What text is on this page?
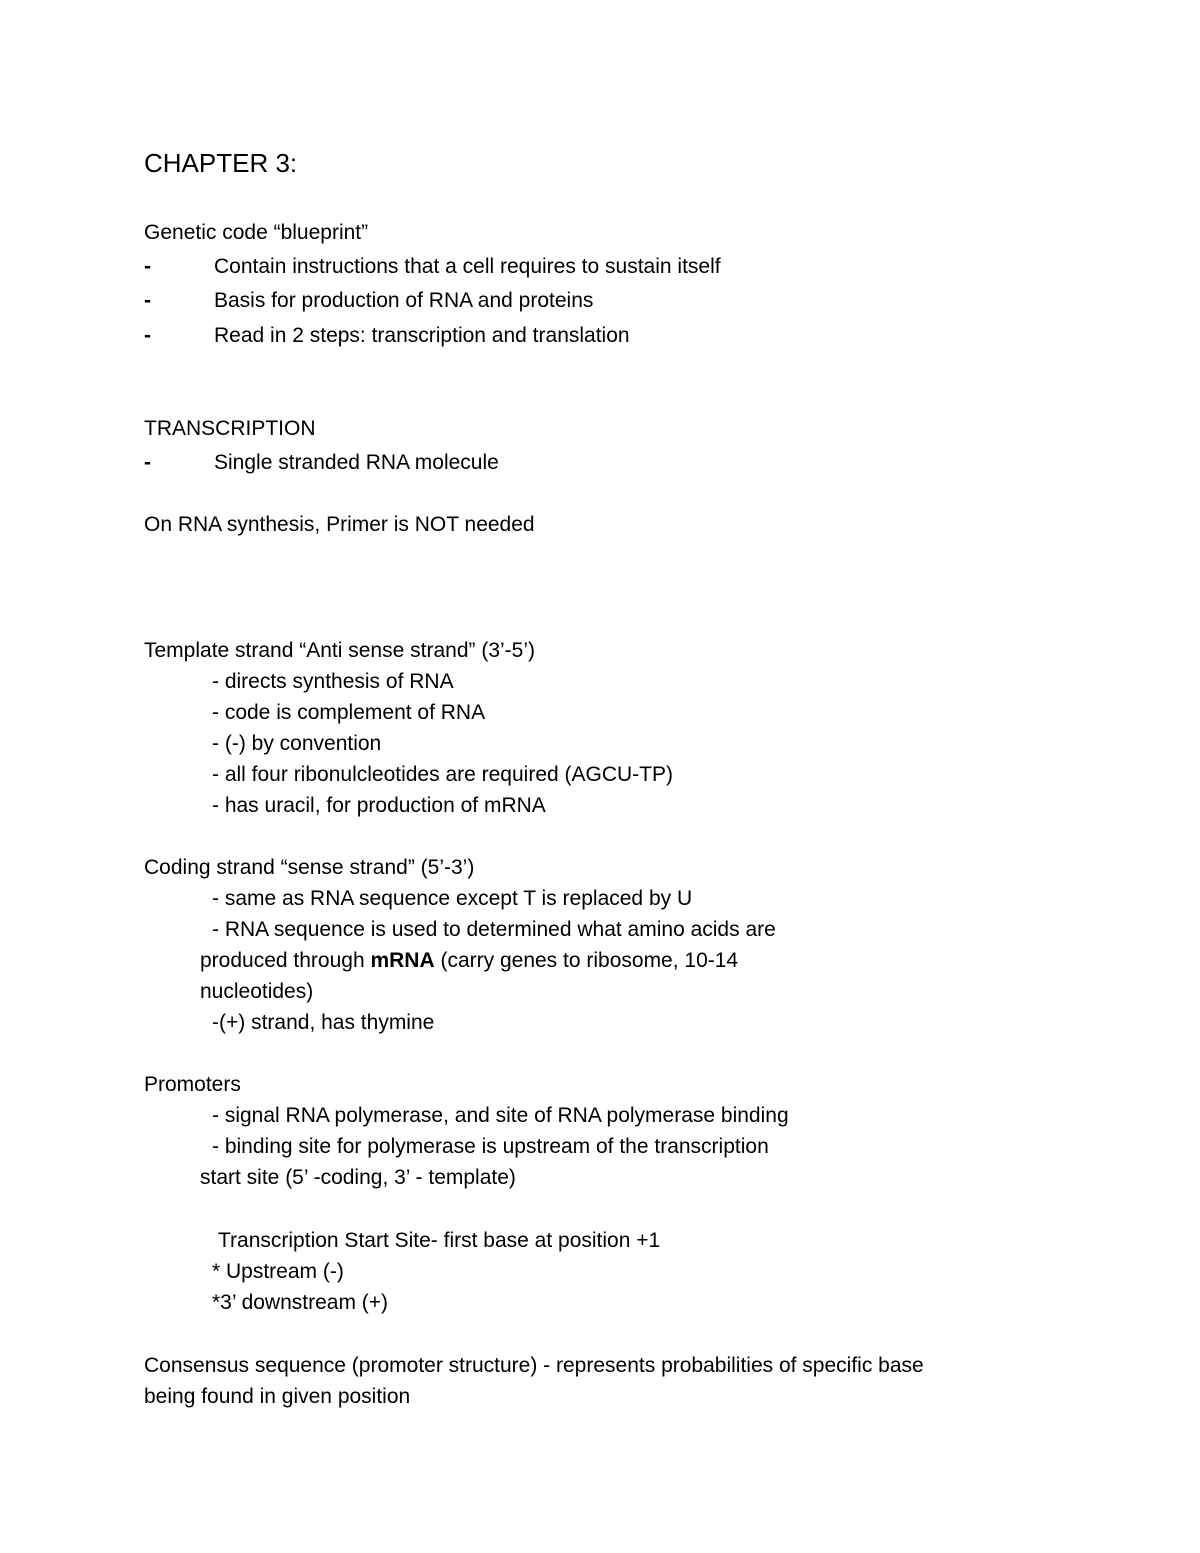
CHAPTER 3:
Genetic code “blueprint”
-	Contain instructions that a cell requires to sustain itself
-	Basis for production of RNA and proteins
-	Read in 2 steps: transcription and translation
TRANSCRIPTION
-	Single stranded RNA molecule
On RNA synthesis, Primer is NOT needed
Template strand “Anti sense strand” (3’-5’)
- directs synthesis of RNA
- code is complement of RNA
- (-) by convention
- all four ribonulcleotides are required (AGCU-TP)
- has uracil, for production of mRNA
Coding strand “sense strand” (5’-3’)
- same as RNA sequence except T is replaced by U
- RNA sequence is used to determined what amino acids are
produced through mRNA (carry genes to ribosome, 10-14
nucleotides)
-(+) strand, has thymine
Promoters
- signal RNA polymerase, and site of RNA polymerase binding
- binding site for polymerase is upstream of the transcription
start site (5’ -coding, 3’ - template)
Transcription Start Site- first base at position +1
* Upstream (-)
*3’ downstream (+)
Consensus sequence (promoter structure) - represents probabilities of specific base
being found in given position
